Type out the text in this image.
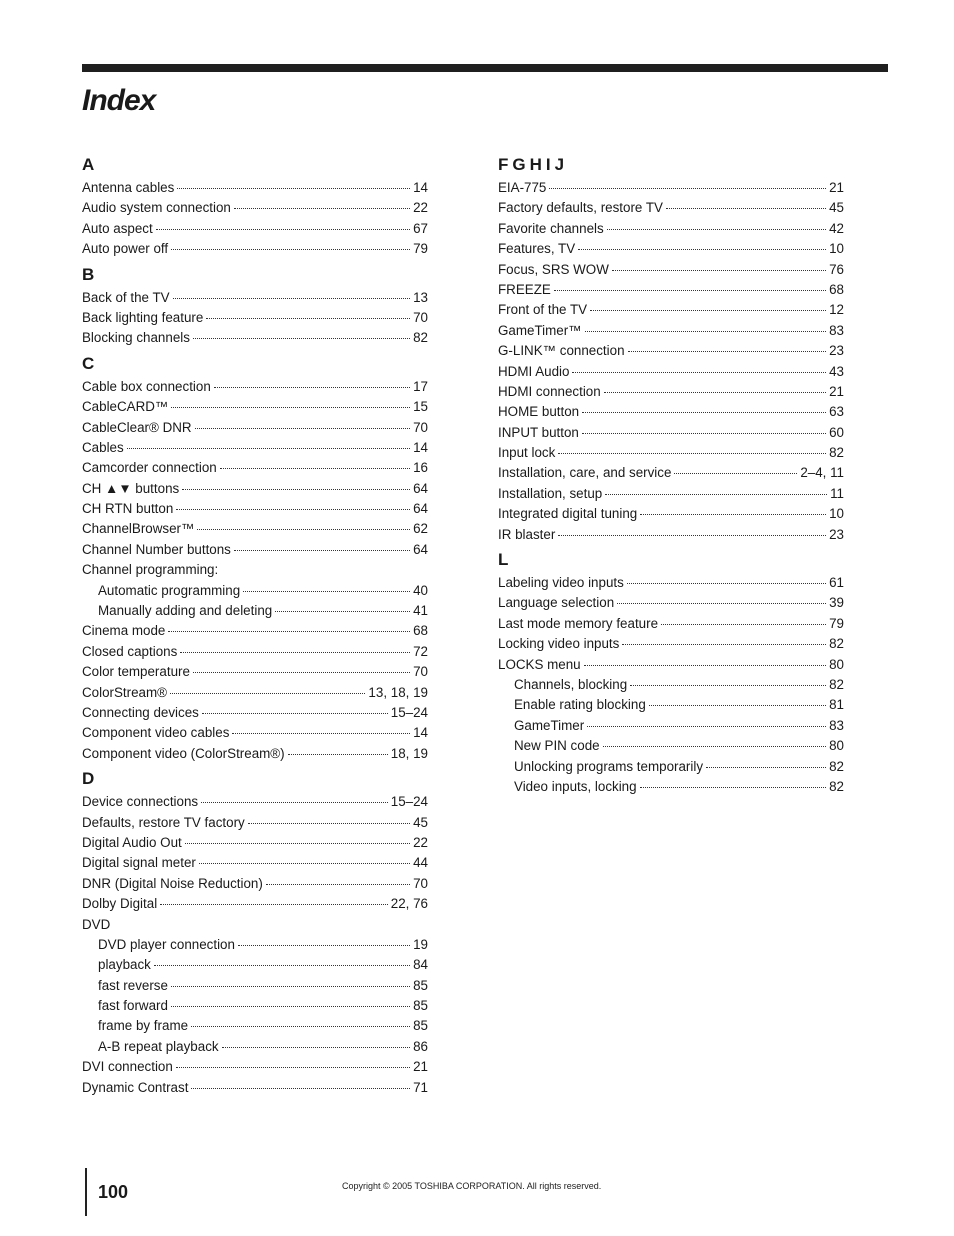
Index
A
Antenna cables	14
Audio system connection	22
Auto aspect	67
Auto power off	79
B
Back of the TV	13
Back lighting feature	70
Blocking channels	82
C
Cable box connection	17
CableCARD™	15
CableClear® DNR	70
Cables	14
Camcorder connection	16
CH ▲▼ buttons	64
CH RTN button	64
ChannelBrowser™	62
Channel Number buttons	64
Channel programming:
Automatic programming	40
Manually adding and deleting	41
Cinema mode	68
Closed captions	72
Color temperature	70
ColorStream®	13, 18, 19
Connecting devices	15–24
Component video cables	14
Component video (ColorStream®)	18, 19
D
Device connections	15–24
Defaults, restore TV factory	45
Digital Audio Out	22
Digital signal meter	44
DNR (Digital Noise Reduction)	70
Dolby Digital	22, 76
DVD
DVD player connection	19
playback	84
fast reverse	85
fast forward	85
frame by frame	85
A-B repeat playback	86
DVI connection	21
Dynamic Contrast	71
FGHIJ
EIA-775	21
Factory defaults, restore TV	45
Favorite channels	42
Features, TV	10
Focus, SRS WOW	76
FREEZE	68
Front of the TV	12
GameTimer™	83
G-LINK™ connection	23
HDMI Audio	43
HDMI connection	21
HOME button	63
INPUT button	60
Input lock	82
Installation, care, and service	2–4, 11
Installation, setup	11
Integrated digital tuning	10
IR blaster	23
L
Labeling video inputs	61
Language selection	39
Last mode memory feature	79
Locking video inputs	82
LOCKS menu	80
Channels, blocking	82
Enable rating blocking	81
GameTimer	83
New PIN code	80
Unlocking programs temporarily	82
Video inputs, locking	82
100	Copyright © 2005 TOSHIBA CORPORATION. All rights reserved.
